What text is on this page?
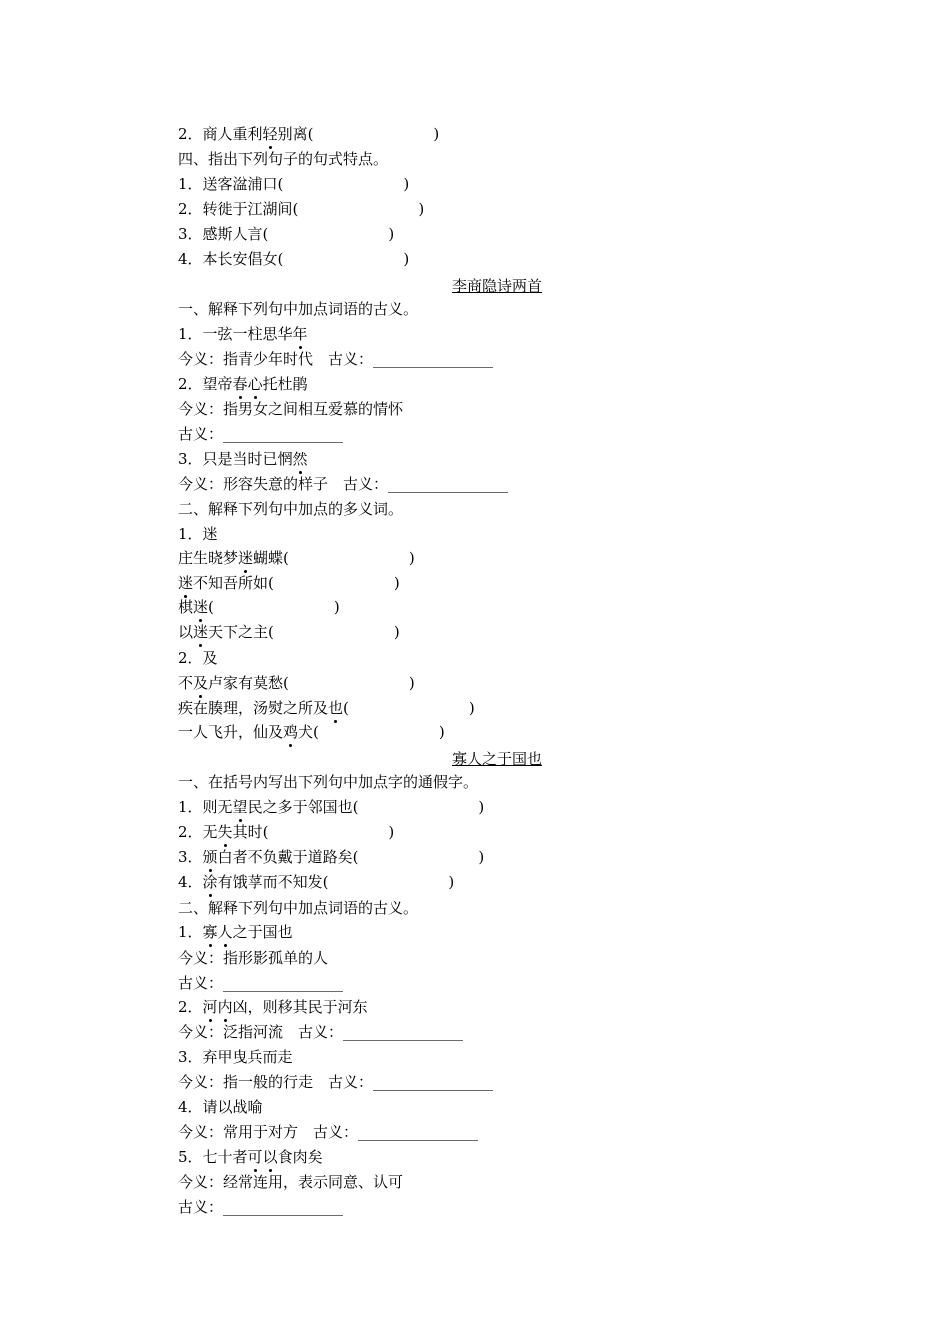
2．商人重利轻别离(　　　　　　　　)
四、指出下列句子的句式特点。
1．送客湓浦口(　　　　　　　　)
2．转徙于江湖间(　　　　　　　　)
3．感斯人言(　　　　　　　　)
4．本长安倡女(　　　　　　　　)
一、解释下列句中加点词语的古义。
1．一弦一柱思华年
今义：指青少年时代　古义：________________
2．望帝春心托杜鹃
今义：指男女之间相互爱慕的情怀
古义：________________
3．只是当时已惘然
今义：形容失意的样子　古义：________________
二、解释下列句中加点的多义词。
1．迷
庄生晓梦迷蝴蝶(　　　　　　　　)
迷不知吾所如(　　　　　　　　)
棋迷(　　　　　　　　)
以迷天下之主(　　　　　　　　)
2．及
不及卢家有莫愁(　　　　　　　　)
疾在腠理，汤熨之所及也(　　　　　　　　)
一人飞升，仙及鸡犬(　　　　　　　　)
一、在括号内写出下列句中加点字的通假字。
1．则无望民之多于邻国也(　　　　　　　　)
2．无失其时(　　　　　　　　)
3．颁白者不负戴于道路矣(　　　　　　　　)
4．涂有饿莩而不知发(　　　　　　　　)
二、解释下列句中加点词语的古义。
1．寡人之于国也
今义：指形影孤单的人
古义：________________
2．河内凶，则移其民于河东
今义：泛指河流　古义：________________
3．弃甲曳兵而走
今义：指一般的行走　古义：________________
4．请以战喻
今义：常用于对方　古义：________________
5．七十者可以食肉矣
今义：经常连用，表示同意、认可
古义：________________
李商隐诗两首
寡人之于国也
